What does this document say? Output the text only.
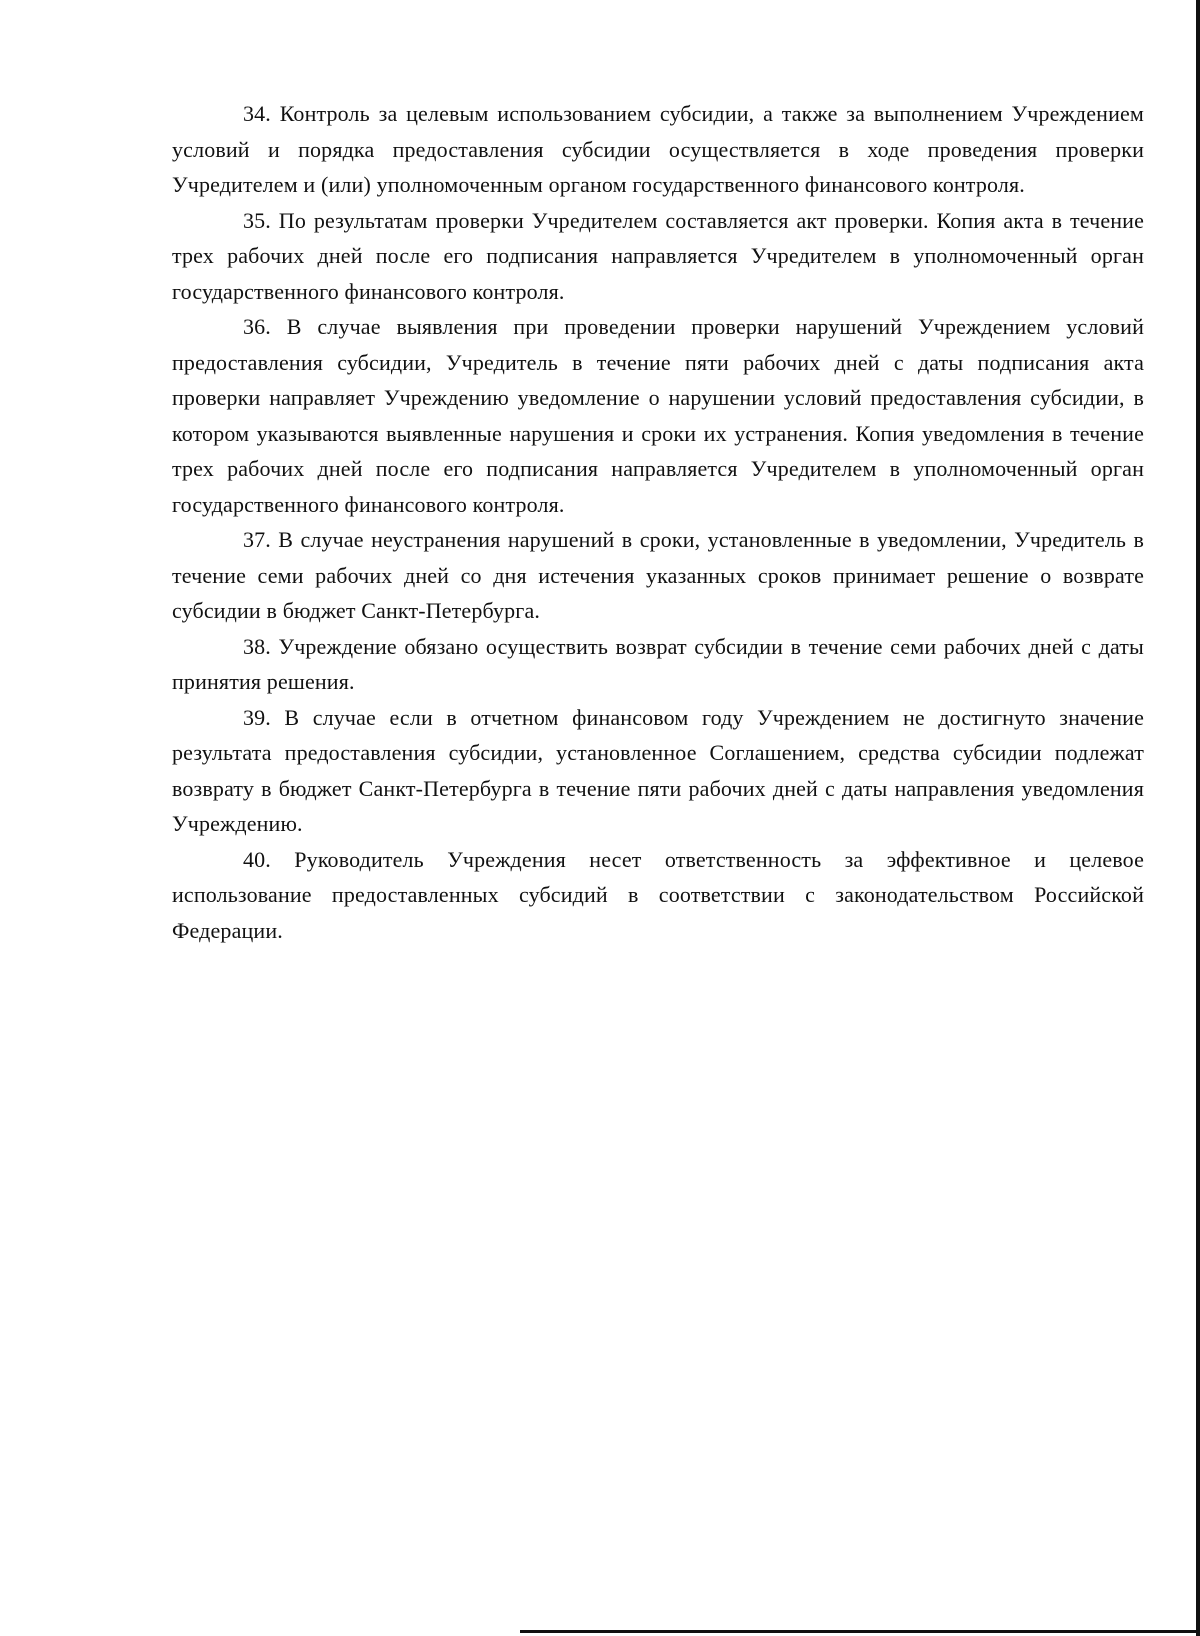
34. Контроль за целевым использованием субсидии, а также за выполнением Учреждением условий и порядка предоставления субсидии осуществляется в ходе проведения проверки Учредителем и (или) уполномоченным органом государственного финансового контроля.

35. По результатам проверки Учредителем составляется акт проверки. Копия акта в течение трех рабочих дней после его подписания направляется Учредителем в уполномоченный орган государственного финансового контроля.

36. В случае выявления при проведении проверки нарушений Учреждением условий предоставления субсидии, Учредитель в течение пяти рабочих дней с даты подписания акта проверки направляет Учреждению уведомление о нарушении условий предоставления субсидии, в котором указываются выявленные нарушения и сроки их устранения. Копия уведомления в течение трех рабочих дней после его подписания направляется Учредителем в уполномоченный орган государственного финансового контроля.

37. В случае неустранения нарушений в сроки, установленные в уведомлении, Учредитель в течение семи рабочих дней со дня истечения указанных сроков принимает решение о возврате субсидии в бюджет Санкт-Петербурга.

38. Учреждение обязано осуществить возврат субсидии в течение семи рабочих дней с даты принятия решения.

39. В случае если в отчетном финансовом году Учреждением не достигнуто значение результата предоставления субсидии, установленное Соглашением, средства субсидии подлежат возврату в бюджет Санкт-Петербурга в течение пяти рабочих дней с даты направления уведомления Учреждению.

40. Руководитель Учреждения несет ответственность за эффективное и целевое использование предоставленных субсидий в соответствии с законодательством Российской Федерации.
